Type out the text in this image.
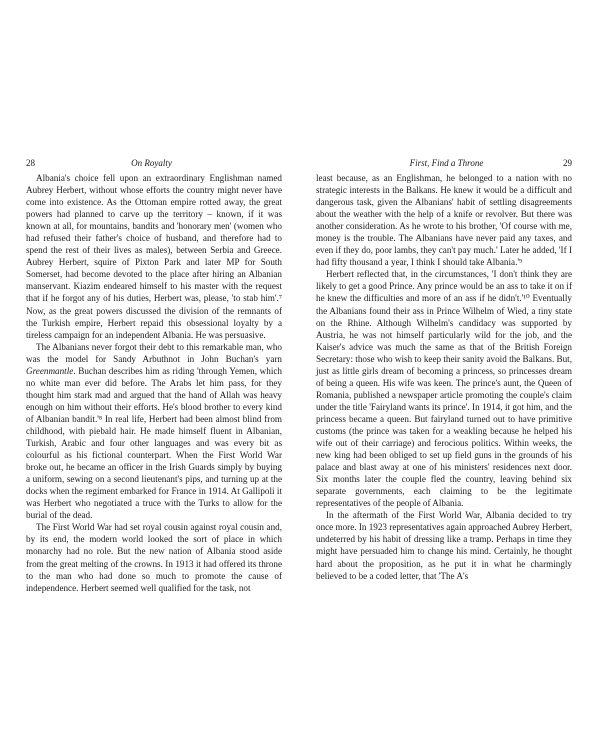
28	On Royalty

Albania's choice fell upon an extraordinary Englishman named Aubrey Herbert, without whose efforts the country might never have come into existence. As the Ottoman empire rotted away, the great powers had planned to carve up the territory – known, if it was known at all, for mountains, bandits and 'honorary men' (women who had refused their father's choice of husband, and therefore had to spend the rest of their lives as males), between Serbia and Greece. Aubrey Herbert, squire of Pixton Park and later MP for South Somerset, had become devoted to the place after hiring an Albanian manservant. Kiazim endeared himself to his master with the request that if he forgot any of his duties, Herbert was, please, 'to stab him'.⁷ Now, as the great powers discussed the division of the remnants of the Turkish empire, Herbert repaid this obsessional loyalty by a tireless campaign for an independent Albania. He was persuasive.

The Albanians never forgot their debt to this remarkable man, who was the model for Sandy Arbuthnot in John Buchan's yarn Greenmantle. Buchan describes him as riding 'through Yemen, which no white man ever did before. The Arabs let him pass, for they thought him stark mad and argued that the hand of Allah was heavy enough on him without their efforts. He's blood brother to every kind of Albanian bandit.'⁸ In real life, Herbert had been almost blind from childhood, with piebald hair. He made himself fluent in Albanian, Turkish, Arabic and four other languages and was every bit as colourful as his fictional counterpart. When the First World War broke out, he became an officer in the Irish Guards simply by buying a uniform, sewing on a second lieutenant's pips, and turning up at the docks when the regiment embarked for France in 1914. At Gallipoli it was Herbert who negotiated a truce with the Turks to allow for the burial of the dead.

The First World War had set royal cousin against royal cousin and, by its end, the modern world looked the sort of place in which monarchy had no role. But the new nation of Albania stood aside from the great melting of the crowns. In 1913 it had offered its throne to the man who had done so much to promote the cause of independence. Herbert seemed well qualified for the task, not

First, Find a Throne	29

least because, as an Englishman, he belonged to a nation with no strategic interests in the Balkans. He knew it would be a difficult and dangerous task, given the Albanians' habit of settling disagreements about the weather with the help of a knife or revolver. But there was another consideration. As he wrote to his brother, 'Of course with me, money is the trouble. The Albanians have never paid any taxes, and even if they do, poor lambs, they can't pay much.' Later he added, 'If I had fifty thousand a year, I think I should take Albania.'⁹

Herbert reflected that, in the circumstances, 'I don't think they are likely to get a good Prince. Any prince would be an ass to take it on if he knew the difficulties and more of an ass if he didn't.'¹⁰ Eventually the Albanians found their ass in Prince Wilhelm of Wied, a tiny state on the Rhine. Although Wilhelm's candidacy was supported by Austria, he was not himself particularly wild for the job, and the Kaiser's advice was much the same as that of the British Foreign Secretary: those who wish to keep their sanity avoid the Balkans. But, just as little girls dream of becoming a princess, so princesses dream of being a queen. His wife was keen. The prince's aunt, the Queen of Romania, published a newspaper article promoting the couple's claim under the title 'Fairyland wants its prince'. In 1914, it got him, and the princess became a queen. But fairyland turned out to have primitive customs (the prince was taken for a weakling because he helped his wife out of their carriage) and ferocious politics. Within weeks, the new king had been obliged to set up field guns in the grounds of his palace and blast away at one of his ministers' residences next door. Six months later the couple fled the country, leaving behind six separate governments, each claiming to be the legitimate representatives of the people of Albania.

In the aftermath of the First World War, Albania decided to try once more. In 1923 representatives again approached Aubrey Herbert, undeterred by his habit of dressing like a tramp. Perhaps in time they might have persuaded him to change his mind. Certainly, he thought hard about the proposition, as he put it in what he charmingly believed to be a coded letter, that 'The A's
